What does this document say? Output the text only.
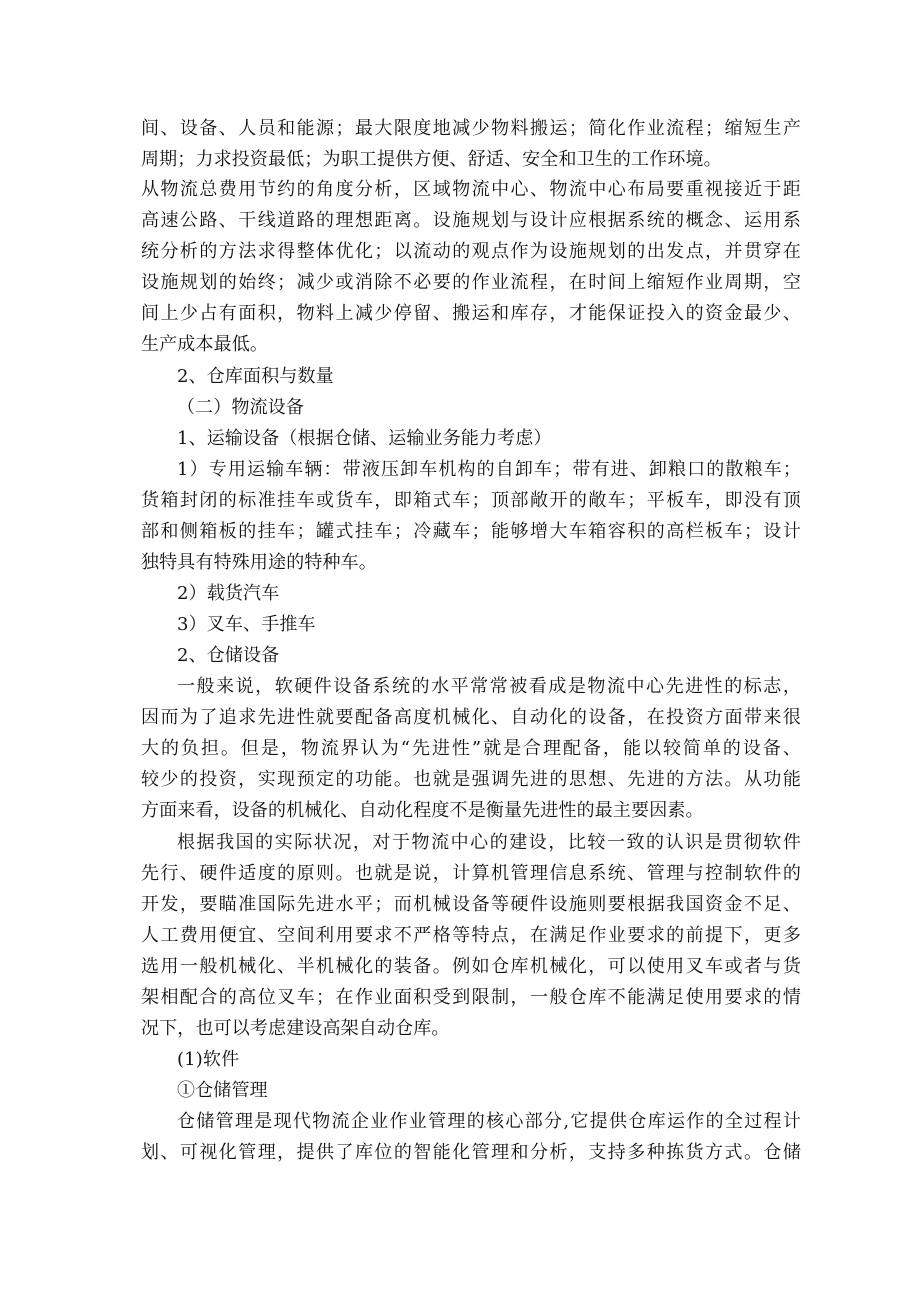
间、设备、人员和能源；最大限度地减少物料搬运；简化作业流程；缩短生产
周期；力求投资最低；为职工提供方便、舒适、安全和卫生的工作环境。
从物流总费用节约的角度分析，区域物流中心、物流中心布局要重视接近于距
高速公路、干线道路的理想距离。设施规划与设计应根据系统的概念、运用系
统分析的方法求得整体优化；以流动的观点作为设施规划的出发点，并贯穿在
设施规划的始终；减少或消除不必要的作业流程，在时间上缩短作业周期，空
间上少占有面积，物料上减少停留、搬运和库存，才能保证投入的资金最少、
生产成本最低。
2、仓库面积与数量
（二）物流设备
1、运输设备（根据仓储、运输业务能力考虑）
1）专用运输车辆：带液压卸车机构的自卸车；带有进、卸粮口的散粮车；
货箱封闭的标准挂车或货车，即箱式车；顶部敞开的敞车；平板车，即没有顶
部和侧箱板的挂车；罐式挂车；冷藏车；能够增大车箱容积的高栏板车；设计
独特具有特殊用途的特种车。
2）载货汽车
3）叉车、手推车
2、仓储设备
一般来说，软硬件设备系统的水平常常被看成是物流中心先进性的标志，
因而为了追求先进性就要配备高度机械化、自动化的设备，在投资方面带来很
大的负担。但是，物流界认为“先进性”就是合理配备，能以较简单的设备、
较少的投资，实现预定的功能。也就是强调先进的思想、先进的方法。从功能
方面来看，设备的机械化、自动化程度不是衡量先进性的最主要因素。
根据我国的实际状况，对于物流中心的建设，比较一致的认识是贯彻软件
先行、硬件适度的原则。也就是说，计算机管理信息系统、管理与控制软件的
开发，要瞄准国际先进水平；而机械设备等硬件设施则要根据我国资金不足、
人工费用便宜、空间利用要求不严格等特点，在满足作业要求的前提下，更多
选用一般机械化、半机械化的装备。例如仓库机械化，可以使用叉车或者与货
架相配合的高位叉车；在作业面积受到限制，一般仓库不能满足使用要求的情
况下，也可以考虑建设高架自动仓库。
(1)软件
①仓储管理
仓储管理是现代物流企业作业管理的核心部分,它提供仓库运作的全过程计
划、可视化管理，提供了库位的智能化管理和分析，支持多种拣货方式。仓储
